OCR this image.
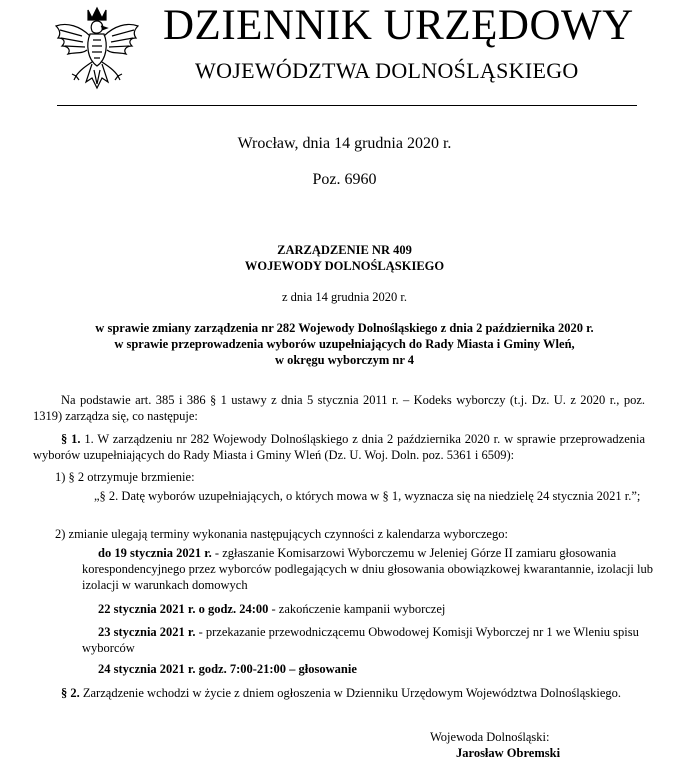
DZIENNIK URZĘDOWY
WOJEWÓDZTWA DOLNOŚLĄSKIEGO
Wrocław, dnia 14 grudnia 2020 r.
Poz. 6960
ZARZĄDZENIE NR 409
WOJEWODY DOLNOŚLĄSKIEGO
z dnia 14 grudnia 2020 r.
w sprawie zmiany zarządzenia nr 282 Wojewody Dolnośląskiego z dnia 2 października 2020 r.
w sprawie przeprowadzenia wyborów uzupełniających do Rady Miasta i Gminy Wleń,
w okręgu wyborczym nr 4
Na podstawie art. 385 i 386 § 1 ustawy z dnia 5 stycznia 2011 r. – Kodeks wyborczy (t.j. Dz. U. z 2020 r., poz. 1319) zarządza się, co następuje:
§ 1. 1. W zarządzeniu nr 282 Wojewody Dolnośląskiego z dnia 2 października 2020 r. w sprawie przeprowadzenia wyborów uzupełniających do Rady Miasta i Gminy Wleń (Dz. U. Woj. Doln. poz. 5361 i 6509):
1) § 2 otrzymuje brzmienie:
„§ 2. Datę wyborów uzupełniających, o których mowa w § 1, wyznacza się na niedzielę 24 stycznia 2021 r.”;
2) zmianie ulegają terminy wykonania następujących czynności z kalendarza wyborczego:
do 19 stycznia 2021 r. - zgłaszanie Komisarzowi Wyborczemu w Jeleniej Górze II zamiaru głosowania korespondencyjnego przez wyborców podlegających w dniu głosowania obowiązkowej kwarantannie, izolacji lub izolacji w warunkach domowych
22 stycznia 2021 r. o godz. 24:00 - zakończenie kampanii wyborczej
23 stycznia 2021 r. - przekazanie przewodniczącemu Obwodowej Komisji Wyborczej nr 1 we Wleniu spisu wyborców
24 stycznia 2021 r. godz. 7:00-21:00 – głosowanie
§ 2. Zarządzenie wchodzi w życie z dniem ogłoszenia w Dzienniku Urzędowym Województwa Dolnośląskiego.
Wojewoda Dolnośląski:
Jarosław Obremski
